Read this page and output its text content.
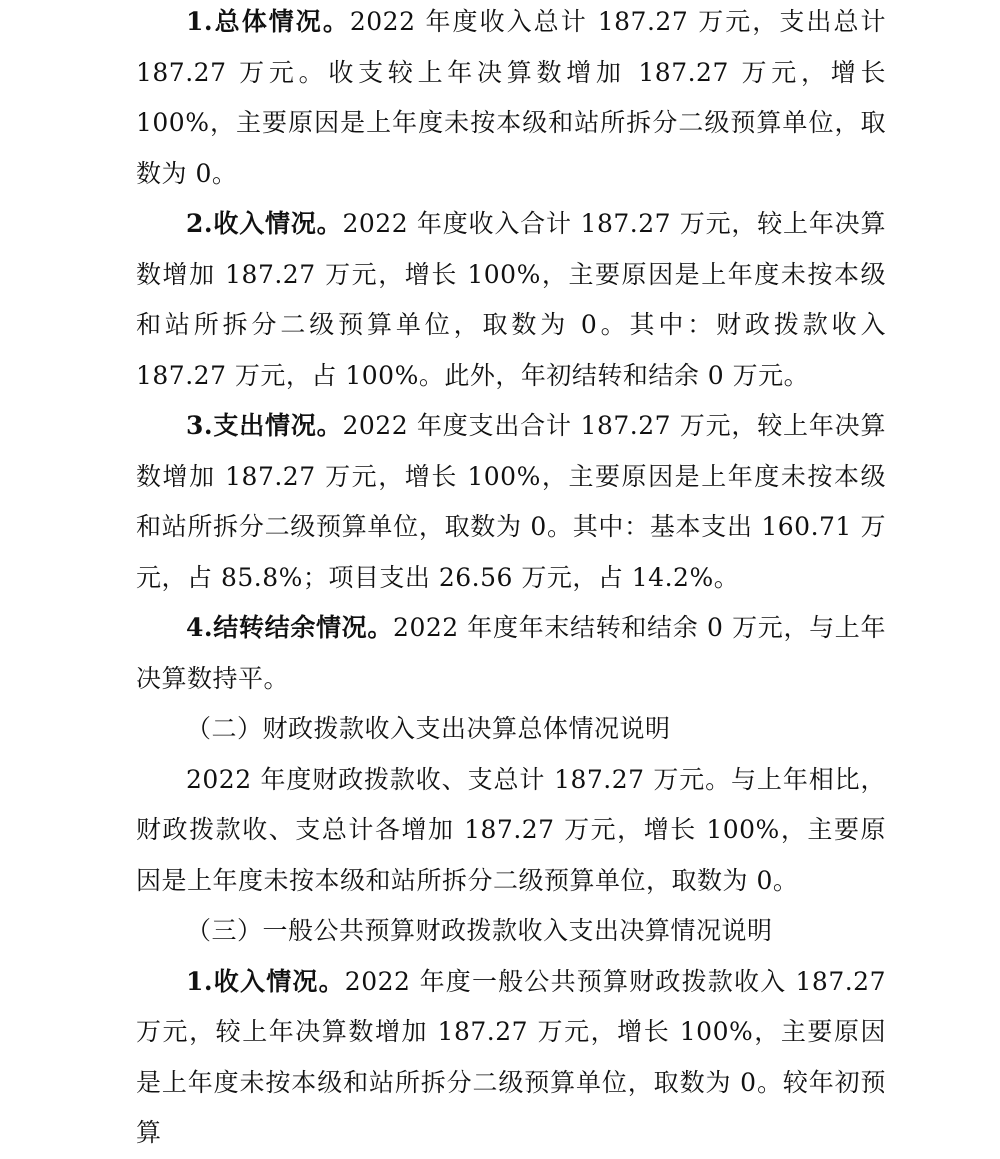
1.总体情况。2022 年度收入总计 187.27 万元，支出总计 187.27 万元。收支较上年决算数增加 187.27 万元，增长 100%，主要原因是上年度未按本级和站所拆分二级预算单位，取数为 0。

2.收入情况。2022 年度收入合计 187.27 万元，较上年决算数增加 187.27 万元，增长 100%，主要原因是上年度未按本级和站所拆分二级预算单位，取数为 0。其中：财政拨款收入 187.27 万元，占 100%。此外，年初结转和结余 0 万元。

3.支出情况。2022 年度支出合计 187.27 万元，较上年决算数增加 187.27 万元，增长 100%，主要原因是上年度未按本级和站所拆分二级预算单位，取数为 0。其中：基本支出 160.71 万元，占 85.8%；项目支出 26.56 万元，占 14.2%。

4.结转结余情况。2022 年度年末结转和结余 0 万元，与上年决算数持平。

（二）财政拨款收入支出决算总体情况说明

2022 年度财政拨款收、支总计 187.27 万元。与上年相比，财政拨款收、支总计各增加 187.27 万元，增长 100%，主要原因是上年度未按本级和站所拆分二级预算单位，取数为 0。

（三）一般公共预算财政拨款收入支出决算情况说明

1.收入情况。2022 年度一般公共预算财政拨款收入 187.27 万元，较上年决算数增加 187.27 万元，增长 100%，主要原因是上年度未按本级和站所拆分二级预算单位，取数为 0。较年初预算
